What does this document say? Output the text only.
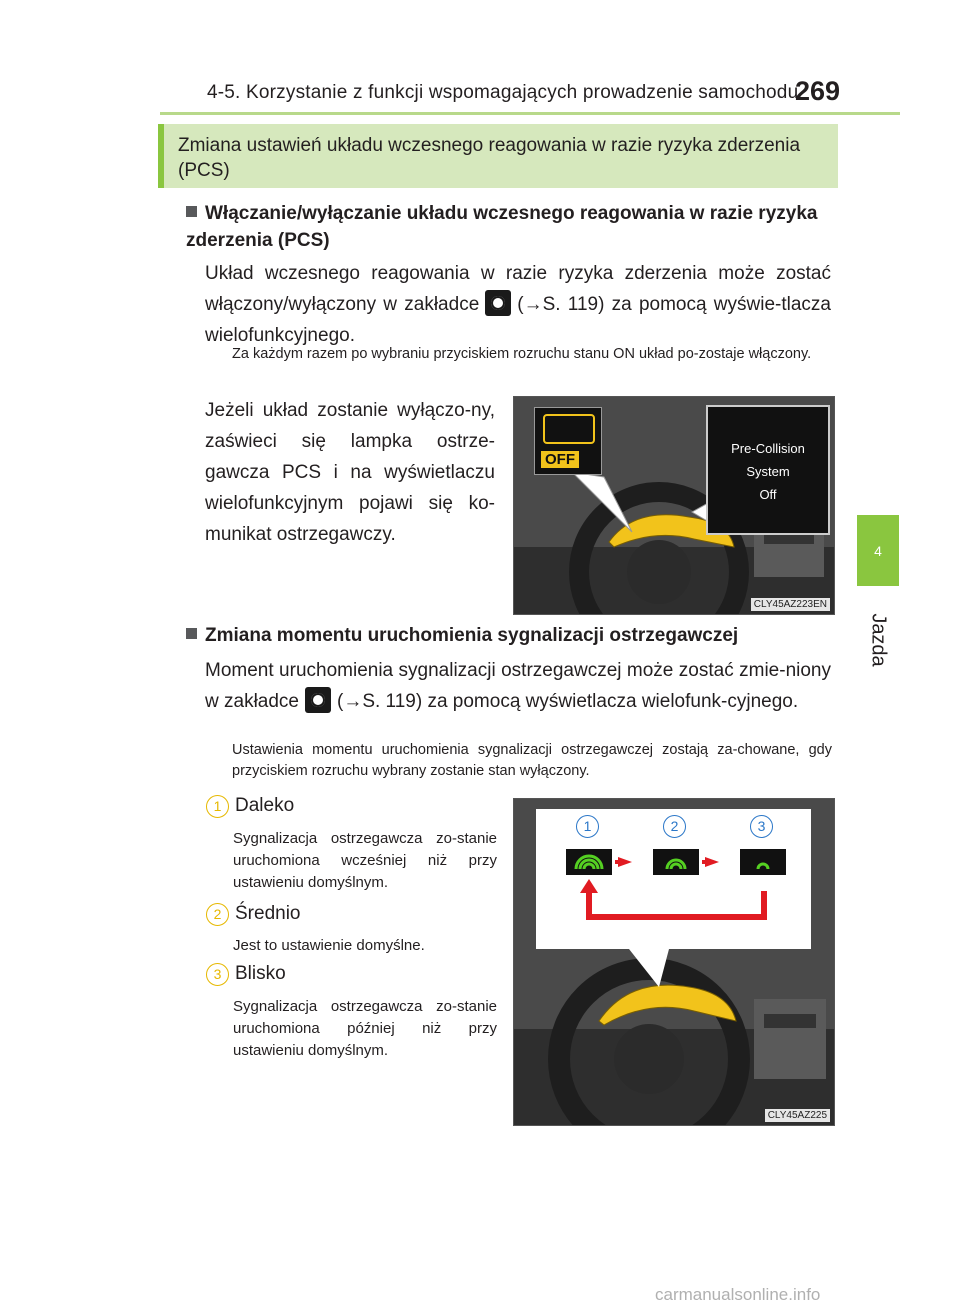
4-5. Korzystanie z funkcji wspomagających prowadzenie samochodu
269
4
Jazda
Zmiana ustawień układu wczesnego reagowania w razie ryzyka zderzenia (PCS)
Włączanie/wyłączanie układu wczesnego reagowania w razie ryzyka zderzenia (PCS)
Układ wczesnego reagowania w razie ryzyka zderzenia może zostać włączony/wyłączony w zakładce (→S. 119) za pomocą wyświe-tlacza wielofunkcyjnego.
Za każdym razem po wybraniu przyciskiem rozruchu stanu ON układ po-zostaje włączony.
Jeżeli układ zostanie wyłączo-ny, zaświeci się lampka ostrze-gawcza PCS i na wyświetlaczu wielofunkcyjnym pojawi się ko-munikat ostrzegawczy.
OFF
Pre-Collision
System
Off
CLY45AZ223EN
Zmiana momentu uruchomienia sygnalizacji ostrzegawczej
Moment uruchomienia sygnalizacji ostrzegawczej może zostać zmie-niony w zakładce (→S. 119) za pomocą wyświetlacza wielofunk-cyjnego.
Ustawienia momentu uruchomienia sygnalizacji ostrzegawczej zostają za-chowane, gdy przyciskiem rozruchu wybrany zostanie stan wyłączony.
1 Daleko
Sygnalizacja ostrzegawcza zo-stanie uruchomiona wcześniej niż przy ustawieniu domyślnym.
2 Średnio
Jest to ustawienie domyślne.
3 Blisko
Sygnalizacja ostrzegawcza zo-stanie uruchomiona później niż przy ustawieniu domyślnym.
1	2	3
CLY45AZ225
carmanualsonline.info
